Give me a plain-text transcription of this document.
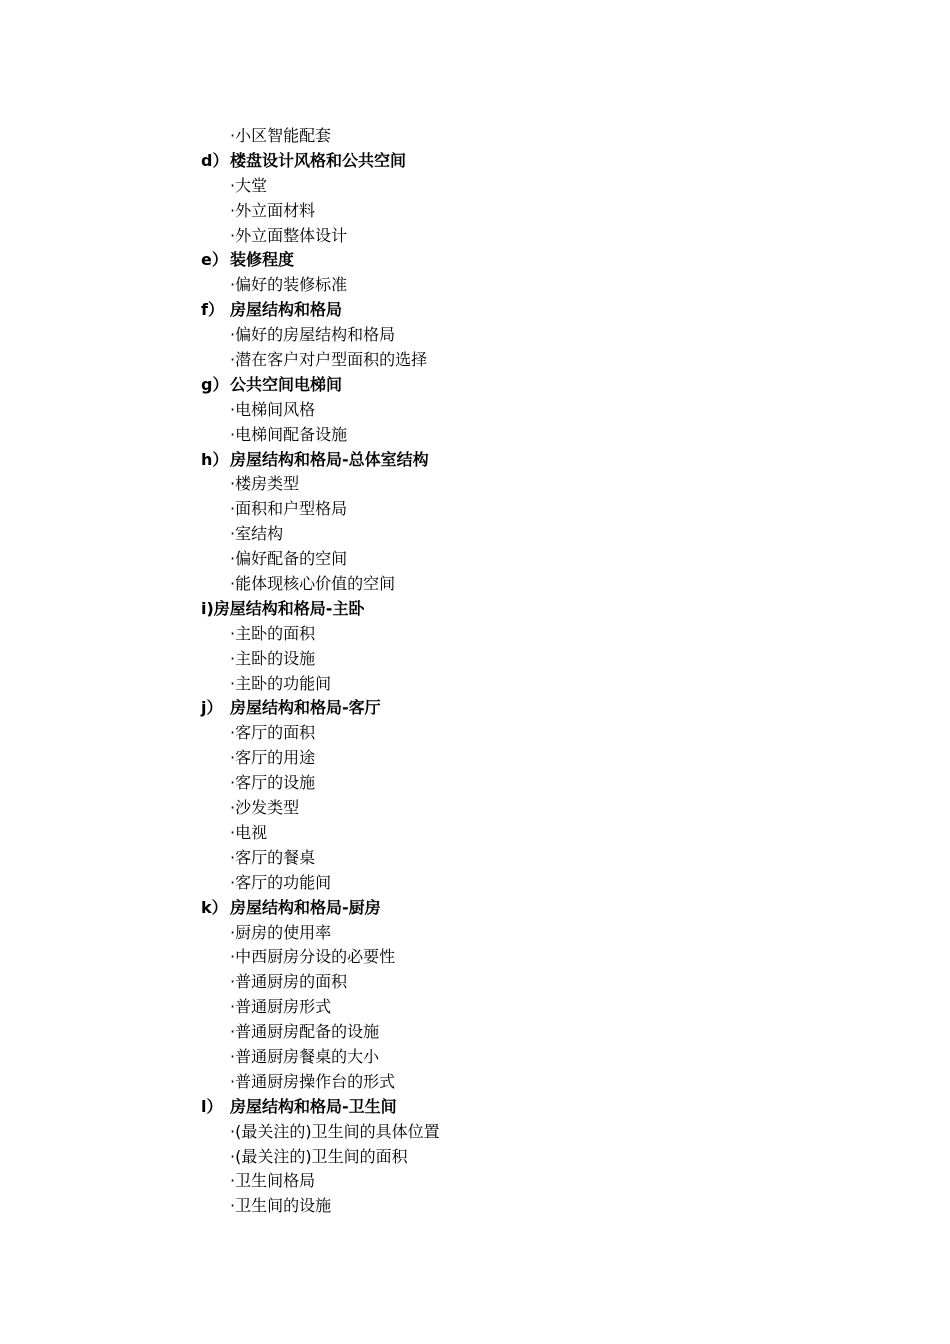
·小区智能配套
d）楼盘设计风格和公共空间
·大堂
·外立面材料
·外立面整体设计
e） 装修程度
·偏好的装修标准
f） 房屋结构和格局
·偏好的房屋结构和格局
·潜在客户对户型面积的选择
g）公共空间电梯间
·电梯间风格
·电梯间配备设施
h）房屋结构和格局-总体室结构
·楼房类型
·面积和户型格局
·室结构
·偏好配备的空间
·能体现核心价值的空间
i)房屋结构和格局-主卧
·主卧的面积
·主卧的设施
·主卧的功能间
j） 房屋结构和格局-客厅
·客厅的面积
·客厅的用途
·客厅的设施
·沙发类型
·电视
·客厅的餐桌
·客厅的功能间
k） 房屋结构和格局-厨房
·厨房的使用率
·中西厨房分设的必要性
·普通厨房的面积
·普通厨房形式
·普通厨房配备的设施
·普通厨房餐桌的大小
·普通厨房操作台的形式
l） 房屋结构和格局-卫生间
·(最关注的)卫生间的具体位置
·(最关注的)卫生间的面积
·卫生间格局
·卫生间的设施
